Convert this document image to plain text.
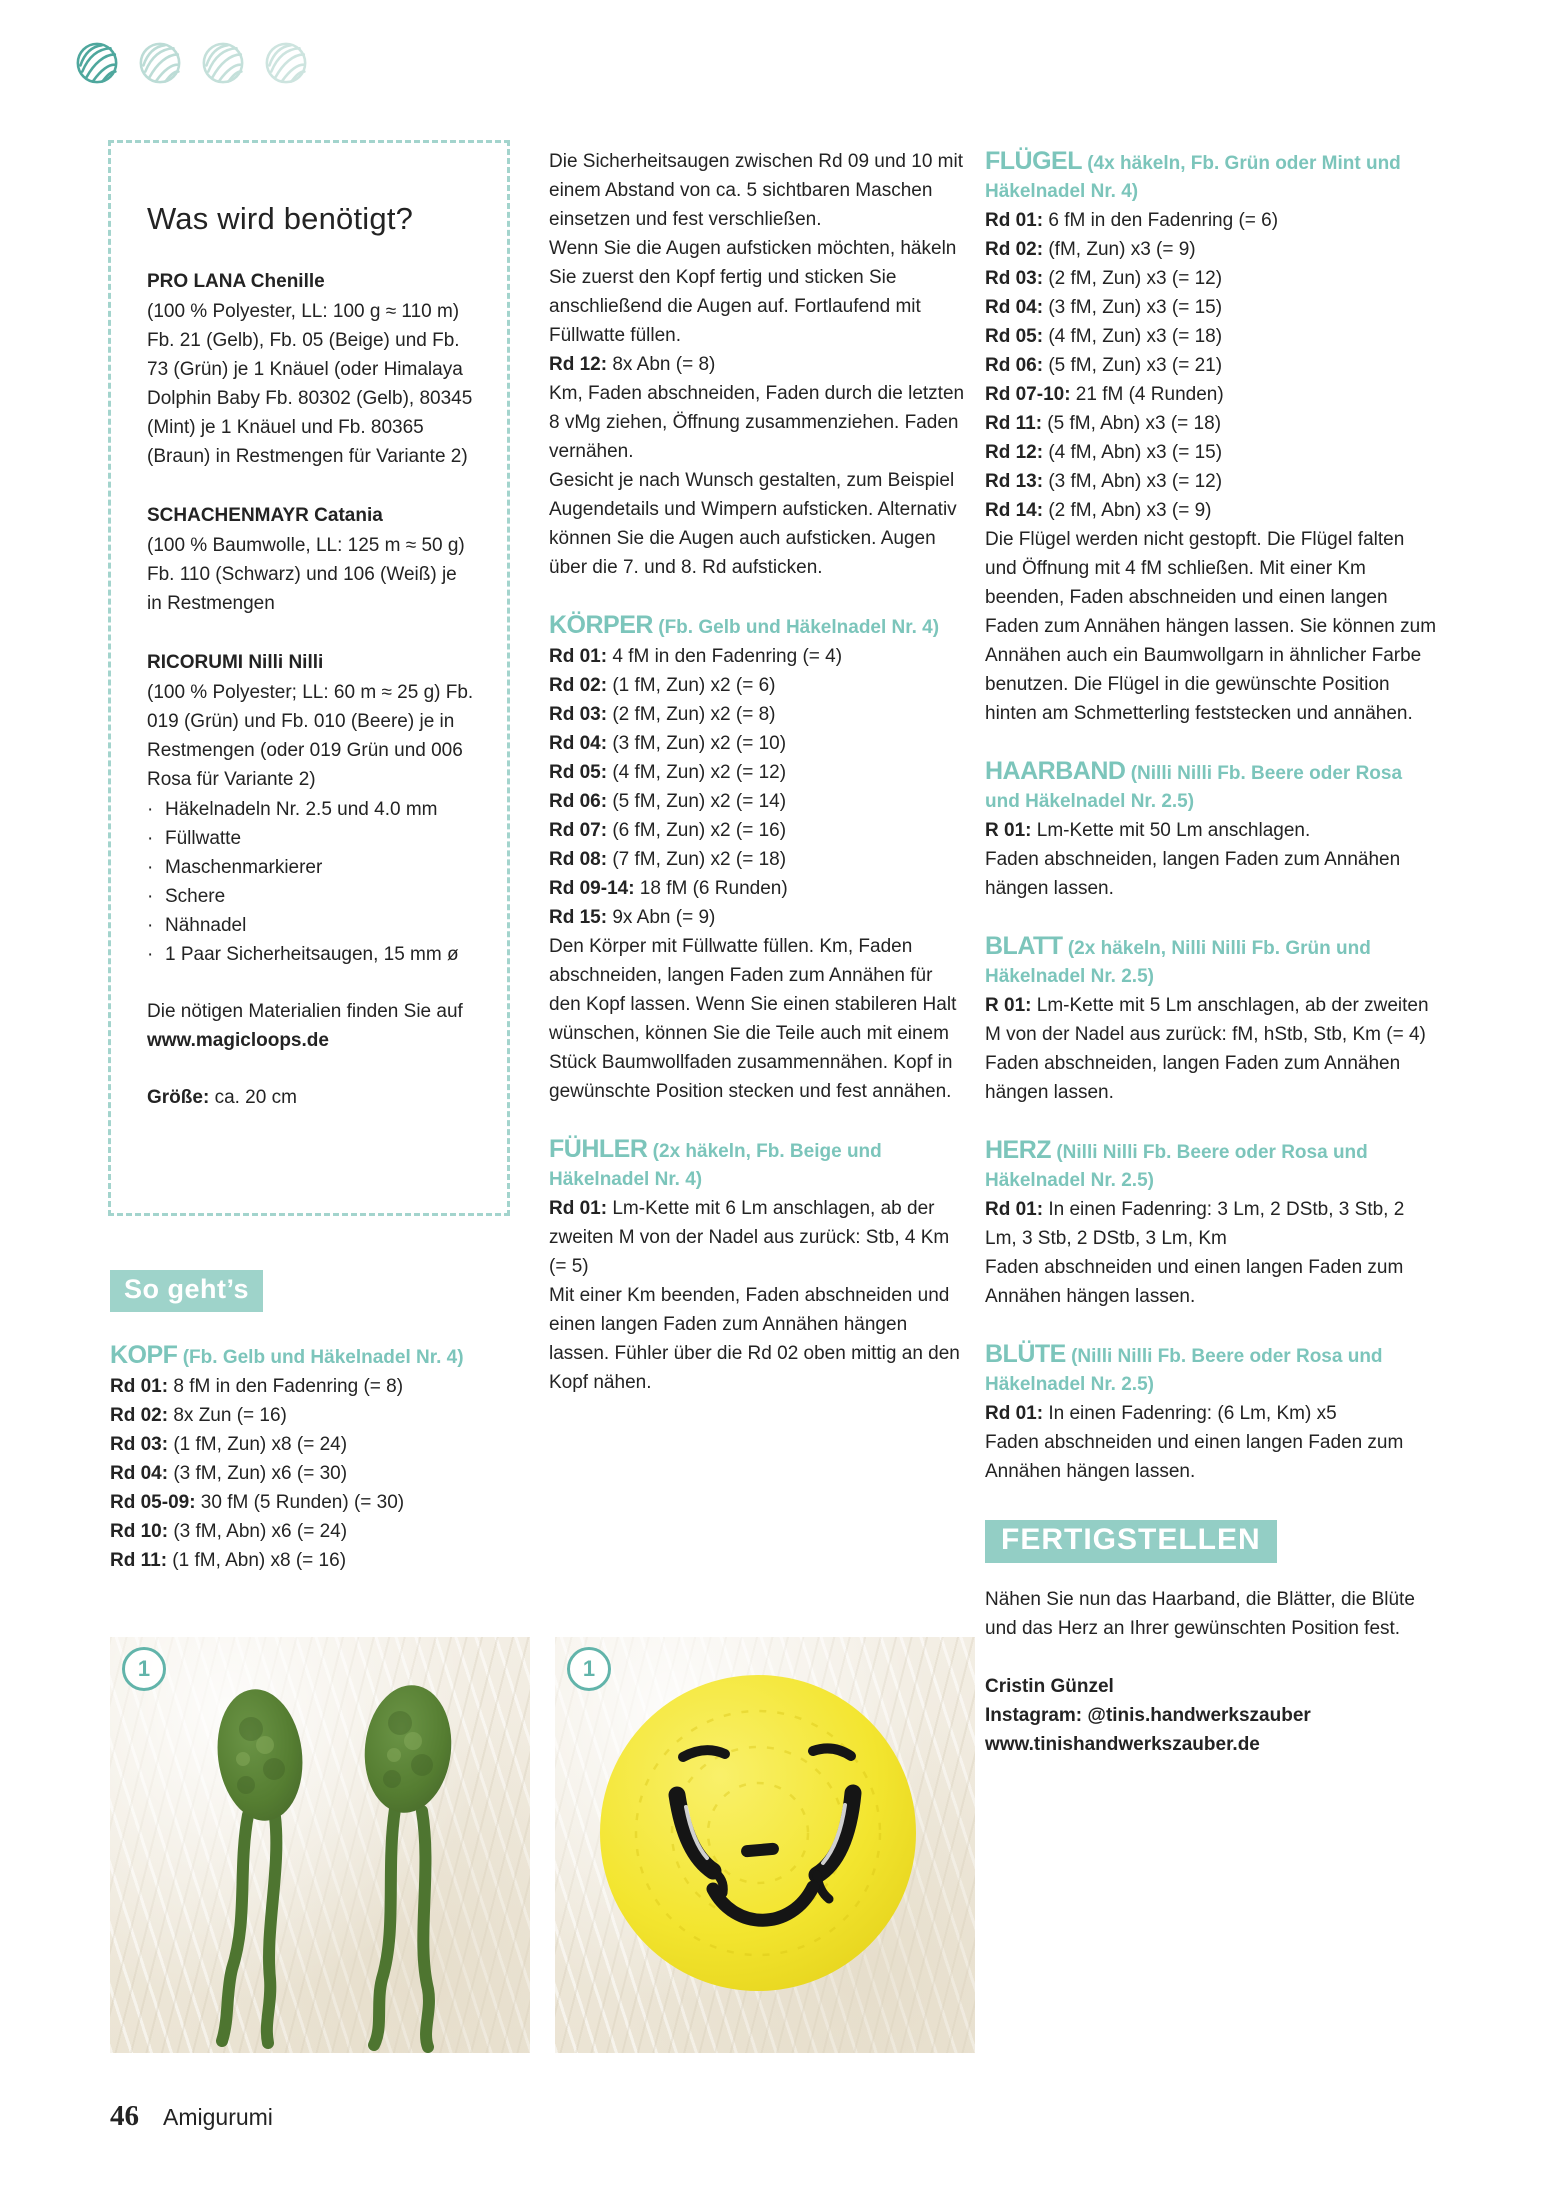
Was wird benötigt?
PRO LANA Chenille

(100 % Polyester, LL: 100 g ≈ 110 m) Fb. 21 (Gelb), Fb. 05 (Beige) und Fb. 73 (Grün) je 1 Knäuel (oder Himalaya Dolphin Baby Fb. 80302 (Gelb), 80345 (Mint) je 1 Knäuel und Fb. 80365 (Braun) in Restmengen für Variante 2)

SCHACHENMAYR Catania

(100 % Baumwolle, LL: 125 m ≈ 50 g) Fb. 110 (Schwarz) und 106 (Weiß) je in Restmengen

RICORUMI Nilli Nilli

(100 % Polyester; LL: 60 m ≈ 25 g) Fb. 019 (Grün) und Fb. 010 (Beere) je in Restmengen (oder 019 Grün und 006 Rosa für Variante 2)

· Häkelnadeln Nr. 2.5 und 4.0 mm
· Füllwatte
· Maschenmarkierer
· Schere
· Nähnadel
· 1 Paar Sicherheitsaugen, 15 mm ø

Die nötigen Materialien finden Sie auf

www.magicloops.de

Größe: ca. 20 cm

So geht’s
KOPF (Fb. Gelb und Häkelnadel Nr. 4)

Rd 01: 8 fM in den Fadenring (= 8)

Rd 02: 8x Zun (= 16)

Rd 03: (1 fM, Zun) x8 (= 24)

Rd 04: (3 fM, Zun) x6 (= 30)

Rd 05-09: 30 fM (5 Runden) (= 30)

Rd 10: (3 fM, Abn) x6 (= 24)

Rd 11: (1 fM, Abn) x8 (= 16)

Die Sicherheitsaugen zwischen Rd 09 und 10 mit einem Abstand von ca. 5 sichtbaren Maschen einsetzen und fest verschließen.

Wenn Sie die Augen aufsticken möchten, häkeln Sie zuerst den Kopf fertig und sticken Sie anschließend die Augen auf. Fortlaufend mit Füllwatte füllen.

Rd 12: 8x Abn (= 8)

Km, Faden abschneiden, Faden durch die letzten 8 vMg ziehen, Öffnung zusammenziehen. Faden vernähen.

Gesicht je nach Wunsch gestalten, zum Beispiel Augendetails und Wimpern aufsticken. Alternativ können Sie die Augen auch aufsticken. Augen über die 7. und 8. Rd aufsticken.

KÖRPER (Fb. Gelb und Häkelnadel Nr. 4)

Rd 01: 4 fM in den Fadenring (= 4)

Rd 02: (1 fM, Zun) x2 (= 6)

Rd 03: (2 fM, Zun) x2 (= 8)

Rd 04: (3 fM, Zun) x2 (= 10)

Rd 05: (4 fM, Zun) x2 (= 12)

Rd 06: (5 fM, Zun) x2 (= 14)

Rd 07: (6 fM, Zun) x2 (= 16)

Rd 08: (7 fM, Zun) x2 (= 18)

Rd 09-14: 18 fM (6 Runden)

Rd 15: 9x Abn (= 9)

Den Körper mit Füllwatte füllen. Km, Faden abschneiden, langen Faden zum Annähen für den Kopf lassen. Wenn Sie einen stabileren Halt wünschen, können Sie die Teile auch mit einem Stück Baumwollfaden zusammennähen. Kopf in gewünschte Position stecken und fest annähen.

FÜHLER (2x häkeln, Fb. Beige und Häkelnadel Nr. 4)

Rd 01: Lm-Kette mit 6 Lm anschlagen, ab der zweiten M von der Nadel aus zurück: Stb, 4 Km (= 5)

Mit einer Km beenden, Faden abschneiden und einen langen Faden zum Annähen hängen lassen. Fühler über die Rd 02 oben mittig an den Kopf nähen.

FLÜGEL (4x häkeln, Fb. Grün oder Mint und Häkelnadel Nr. 4)

Rd 01: 6 fM in den Fadenring (= 6)

Rd 02: (fM, Zun) x3 (= 9)

Rd 03: (2 fM, Zun) x3 (= 12)

Rd 04: (3 fM, Zun) x3 (= 15)

Rd 05: (4 fM, Zun) x3 (= 18)

Rd 06: (5 fM, Zun) x3 (= 21)

Rd 07-10: 21 fM (4 Runden)

Rd 11: (5 fM, Abn) x3 (= 18)

Rd 12: (4 fM, Abn) x3 (= 15)

Rd 13: (3 fM, Abn) x3 (= 12)

Rd 14: (2 fM, Abn) x3 (= 9)

Die Flügel werden nicht gestopft. Die Flügel falten und Öffnung mit 4 fM schließen. Mit einer Km beenden, Faden abschneiden und einen langen Faden zum Annähen hängen lassen. Sie können zum Annähen auch ein Baumwollgarn in ähnlicher Farbe benutzen. Die Flügel in die gewünschte Position hinten am Schmetterling feststecken und annähen.

HAARBAND (Nilli Nilli Fb. Beere oder Rosa und Häkelnadel Nr. 2.5)

R 01: Lm-Kette mit 50 Lm anschlagen.

Faden abschneiden, langen Faden zum Annähen hängen lassen.

BLATT (2x häkeln, Nilli Nilli Fb. Grün und Häkelnadel Nr. 2.5)

R 01: Lm-Kette mit 5 Lm anschlagen, ab der zweiten M von der Nadel aus zurück: fM, hStb, Stb, Km (= 4)

Faden abschneiden, langen Faden zum Annähen hängen lassen.

HERZ (Nilli Nilli Fb. Beere oder Rosa und Häkelnadel Nr. 2.5)

Rd 01: In einen Fadenring: 3 Lm, 2 DStb, 3 Stb, 2 Lm, 3 Stb, 2 DStb, 3 Lm, Km

Faden abschneiden und einen langen Faden zum Annähen hängen lassen.

BLÜTE (Nilli Nilli Fb. Beere oder Rosa und Häkelnadel Nr. 2.5)

Rd 01: In einen Fadenring: (6 Lm, Km) x5

Faden abschneiden und einen langen Faden zum Annähen hängen lassen.

FERTIGSTELLEN

Nähen Sie nun das Haarband, die Blätter, die Blüte und das Herz an Ihrer gewünschten Position fest.

Cristin Günzel

Instagram: @tinis.handwerkszauber

www.tinishandwerkszauber.de

1	1
46 Amigurumi
